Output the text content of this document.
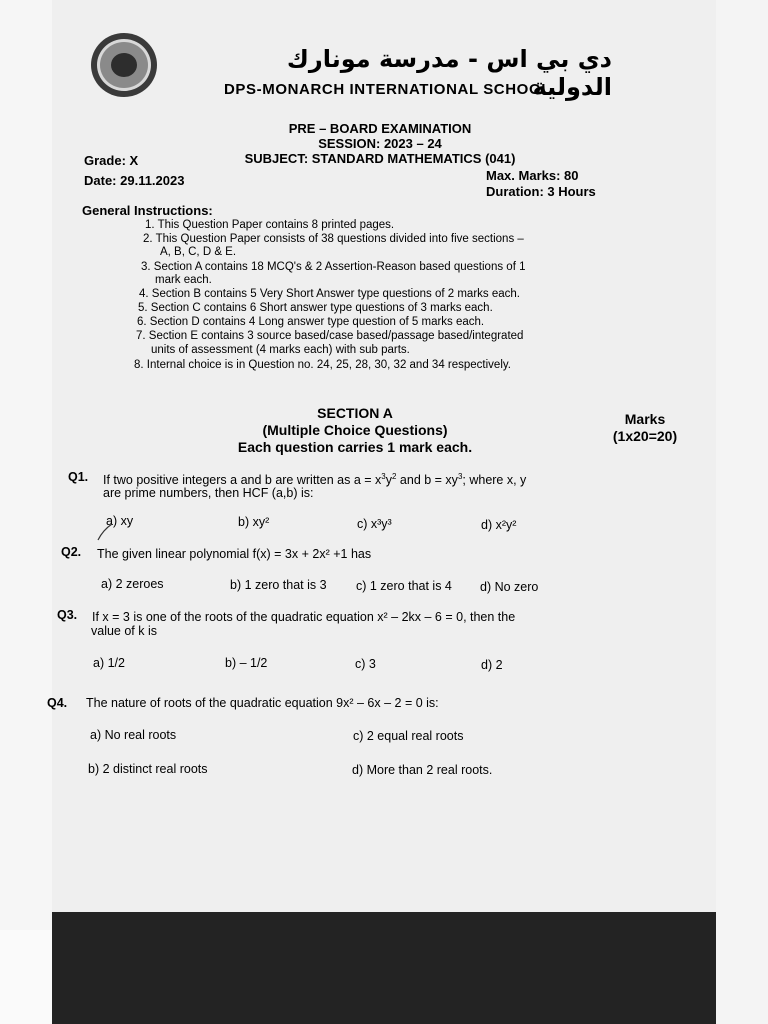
دي بي اس - مدرسة مونارك الدولية
DPS-MONARCH INTERNATIONAL SCHOOL
PRE – BOARD EXAMINATION
SESSION: 2023 – 24
SUBJECT: STANDARD MATHEMATICS (041)
Grade: X
Date: 29.11.2023	Max. Marks: 80
Duration: 3 Hours
General Instructions:
1. This Question Paper contains 8 printed pages.
2. This Question Paper consists of 38 questions divided into five sections –
A, B, C, D & E.
3. Section A contains 18 MCQ's & 2 Assertion-Reason based questions of 1
mark each.
4. Section B contains 5 Very Short Answer type questions of 2 marks each.
5. Section C contains 6 Short answer type questions of 3 marks each.
6. Section D contains 4 Long answer type question of 5 marks each.
7. Section E contains 3 source based/case based/passage based/integrated
units of assessment (4 marks each) with sub parts.
8. Internal choice is in Question no. 24, 25, 28, 30, 32 and 34 respectively.
SECTION A
(Multiple Choice Questions)
Each question carries 1 mark each.
Marks
(1x20=20)
Q1. If two positive integers a and b are written as $a = x^3y^2$ and $b = xy^3$; where x, y
are prime numbers, then HCF (a,b) is:
a) xy	b) xy²	c) x³y³	d) x²y²
Q2. The given linear polynomial f(x) = 3x + 2x² +1 has
a) 2 zeroes	b) 1 zero that is 3 c) 1 zero that is 4 d) No zero
Q3. If x = 3 is one of the roots of the quadratic equation x² – 2kx – 6 = 0, then the
value of k is
a) 1/2	b) – 1/2	c) 3	d) 2
Q4. The nature of roots of the quadratic equation 9x² – 6x – 2 = 0 is:
a) No real roots	c) 2 equal real roots
b) 2 distinct real roots	d) More than 2 real roots.
